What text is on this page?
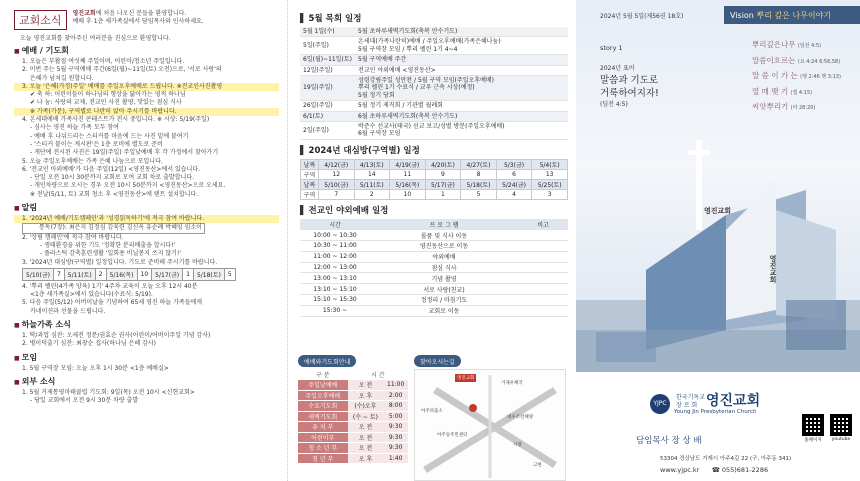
교회소식
영진교회에 처음 나오신 분들을 환영합니다.
예배 후 1층 새가족실에서 담임목사와 인사하세요.
오늘 영진교회를 찾아주신 여러분을 진심으로 환영합니다.
■ 예배 / 기도회
1. 오늘은 부활절 여섯째 주일이며, 어린이/청소년 주일입니다.
2. 이번 주는 5월 구역예배 주간(6일(월)~11일(토) 오전)으로, '서로 사랑'의
은혜가 넘치길 원합니다.
3. 오늘 '은혜(가정)주일' 예배를 주일오후예배로 드립니다. ※전교인사진촬영
✔ 축 하: 어린이들이 하나님의 형상을 닮아가는 영적 하나님
✔ 나 눔: 사랑의 교제, 전교인 사진 촬영, 맛있는 점심 식사
※ 가족(가문), 구역별로 나란히 앉아 주시기를 바랍니다.
4. 온세대예배 가족사진 콘테스트가 전시 중입니다. ※ 시상: 5/19(주일)
- 심사는 영진 하늘 가족 모두 참여
- 예배 후 나눠드리는 스티커를 마음에 드는 사진 밑에 붙여기
- '스티커 붙이는 게시판'은 1층 로비에 별도로 준비
- 게단에 전시된 사진은 19일(주일) 주일낮예배 후 각 가정에서 찾아가기
5. 오늘 주일오후예배는 가족 은혜 나눔으로 모입니다.
6. '전교인 아외예배'가 다음 주일(12일) <영진동산>에서 있습니다.
- 단일 오전 10시 30분까지 교회로 모여 교회 차로 출발합니다.
- 개인차량으로 오시는 경우 오전 10시 50분까지 <영진동산>으로 오세요.
※ 전날(5/11, 토) 교회 청소 후 <영진동산>에 텐트 설치합니다.
■ 알림
1. '2024년 예배/기도캠페인'과 '성경읽독하기'에 적극 참여 바랍니다.
통독(7장): 최은지 김정심 김육련 김신옥 유순례 박혜임 임소이
2. '상림 캠페인'에 적극 참여 바랍니다.
- 생태환경을 위한 기도 '정확한 분리배출을 합시다!'
- 플라스틱 감축훈련생활 '일회용 비닐봉지 쓰지 않기!'
3. '2024년 대심방(구역별) 일정입니다. 기도로 준비해 주시기를 바랍니다.
5/10(금)	7	5/11(토)	2	5/16(목)	10	5/17(금)	1	5/18(토)	5
4. '뿌리 펠린(4가족 양육) 1기' 4주차 교육이 오늘 오후 12시 40분
<1층 새가족실>에서 있습니다(수료식: 5/19).
5. 다음 주일(5/12) 어버이날을 기념하여 65세 영진 하늘 가족들에게
카네이션과 선물을 드립니다.
■ 하늘가족 소식
1. 딱/과업 심잔: 오세전 정문/권효순 권사(어린이/어버이주일 기념 감사)
2. 병이덕출기 심잔: 최창순 집사(하나님 은혜 감사)
■ 모임
1. 5월 구역장 모임: 오늘 오후 1시 30분 <1층 예배실>
■ 외부 소식
1. 5월 거제통영마태클럽 기도회: 9일(목) 오전 10시 <신현교회>
- 당일 교회에서 오전 9시 30분 차량 출발
▌ 5월 목회 일정
5월 1일(수)	5월 초하루새벽기도회(축복 안수기도)
5일(주일)	온세대(가족나란히)예배 / 주일오후예배(가족은혜나눔)
5월 구역장 모임 / 뿌리 펠린 1기 4~4
6일(월)~11일(토)	5월 구역예배 주간
12일(주일)	전교인 야외예배 <영진동산>
19일(주일)	성령강림주일 성만찬 / 5월 구역 모임(주일오후예배)
뿌리 펠린 1기 수료식 / 교우 근속 시상(예정)
5월 정기 당회
26일(주일)	5월 정기 제직회 / 기관별 월례회
6/1(토)	6월 초하루새벽기도회(축복 안수기도)
2일(주일)	박준수 선교사(태국) 선교 보고/성별 방문(주일오후예배)
6월 구역장 모임
▌ 2024년 대심방(구역별) 일정
날짜	4/12(금)	4/13(토)	4/19(금)	4/20(토)	4/27(토)	5/3(금)	5/4(토)
구역	12	14	11	9	8	6	13
날짜	5/10(금)	5/11(토)	5/16(목)	5/17(금)	5/18(토)	5/24(금)	5/25(토)
구역	7	2	10	1	5	4	3
▌ 전교인 야외예배 일정
시간	프 로 그 램	비고
10:00 ~ 10:30	몰품 및 식사 이동	
10:30 ~ 11:00	영진동산으로 이동	
11:00 ~ 12:00	야외예배	
12:00 ~ 13:00	점심 식사	
13:00 ~ 13:10	기념 촬영	
13:10 ~ 15:10	서로 사랑(친교)	
15:10 ~ 15:30	정정리 / 마침기도	
15:30 ~	교회로 이동	
예배와기도회안내	찾아오시는길
구 분	시 간	
주일낮예배	오 전	11:00
주일오후예배	오 후	2:00
수요기도회	(수)오후	8:00
새벽기도회	(수 ~ 토)	5:00
유 치 부	오 전	9:30
어린이부	오 전	9:30
청 소 년 부	오 전	9:30
청 년 부	오 후	1:40
영진교회
거제우체국
아주파출소
아주동주민센터
대우조선해양
시장
고현
2024년 5월 5일(제56권 18호)	Vision 뿌리 깊은 나무이야기
story 1
2024년 표어
말씀과 기도로
거룩하여지자!
(딤전 4:5)
뿌리깊은나무 (딤전 4:5)
말씀이흐르는 (요 4:24 6:56,58)
말 씀 이 가 는 (행 2:46 행 3:13)
열 매 맺 기 (엡 4:15)
씨앗뿌리기 (마 28:20)
영진교회
영진교회
YJPC
한국기독교
장 로 회 영진교회
Young Jin Presbyterian Church
담임목사 장 상 배	홈페이지	youtube
53304 경상남도 거제시 아주4길 22 (구, 아주동 341)
www.yjpc.kr ☎ 055)681-2286
